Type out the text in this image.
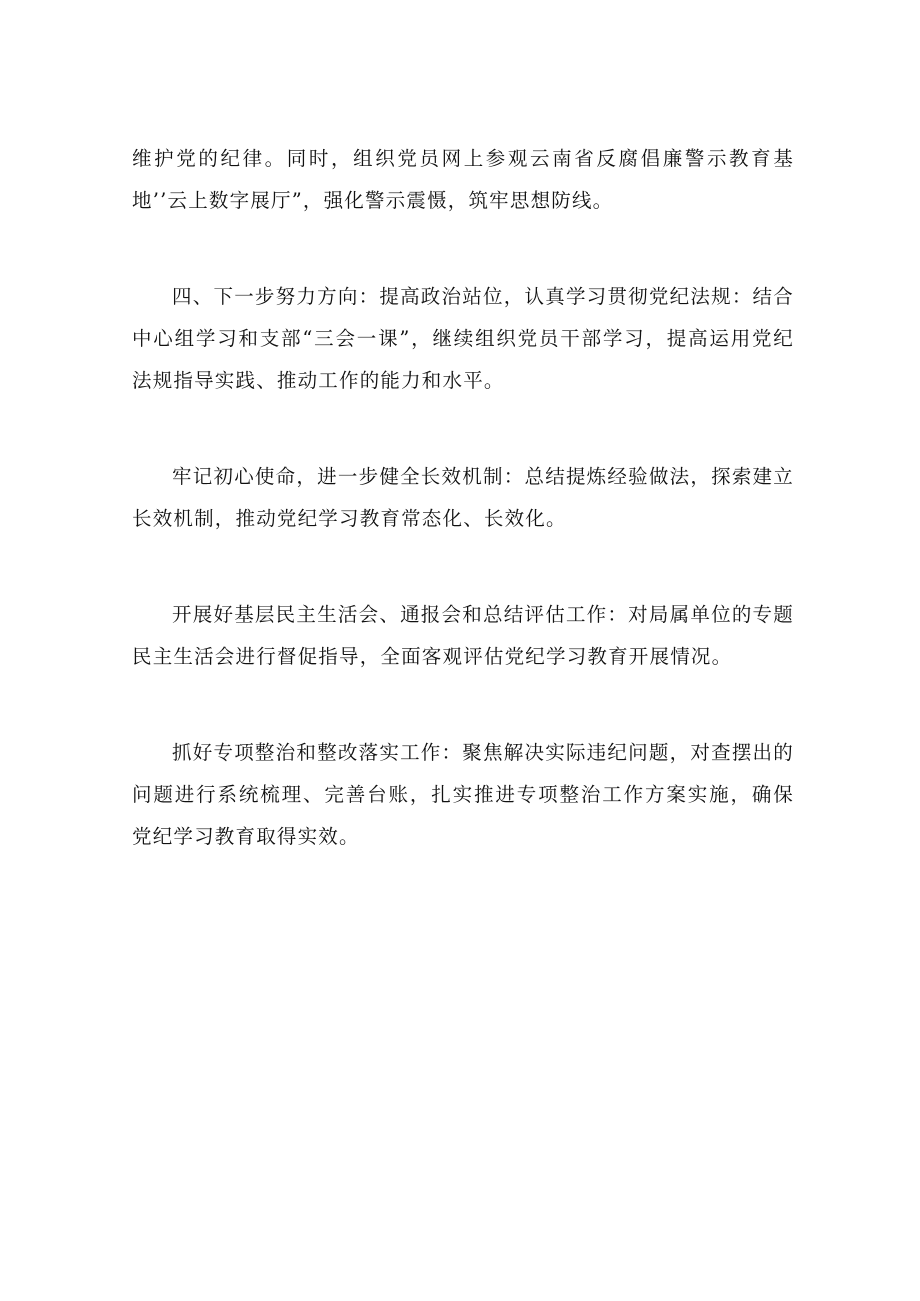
维护党的纪律。同时，组织党员网上参观云南省反腐倡廉警示教育基地’’云上数字展厅”，强化警示震慑，筑牢思想防线。

四、下一步努力方向：提高政治站位，认真学习贯彻党纪法规：结合中心组学习和支部“三会一课”，继续组织党员干部学习，提高运用党纪法规指导实践、推动工作的能力和水平。

牢记初心使命，进一步健全长效机制：总结提炼经验做法，探索建立长效机制，推动党纪学习教育常态化、长效化。

开展好基层民主生活会、通报会和总结评估工作：对局属单位的专题民主生活会进行督促指导，全面客观评估党纪学习教育开展情况。

抓好专项整治和整改落实工作：聚焦解决实际违纪问题，对查摆出的问题进行系统梳理、完善台账，扎实推进专项整治工作方案实施，确保党纪学习教育取得实效。
